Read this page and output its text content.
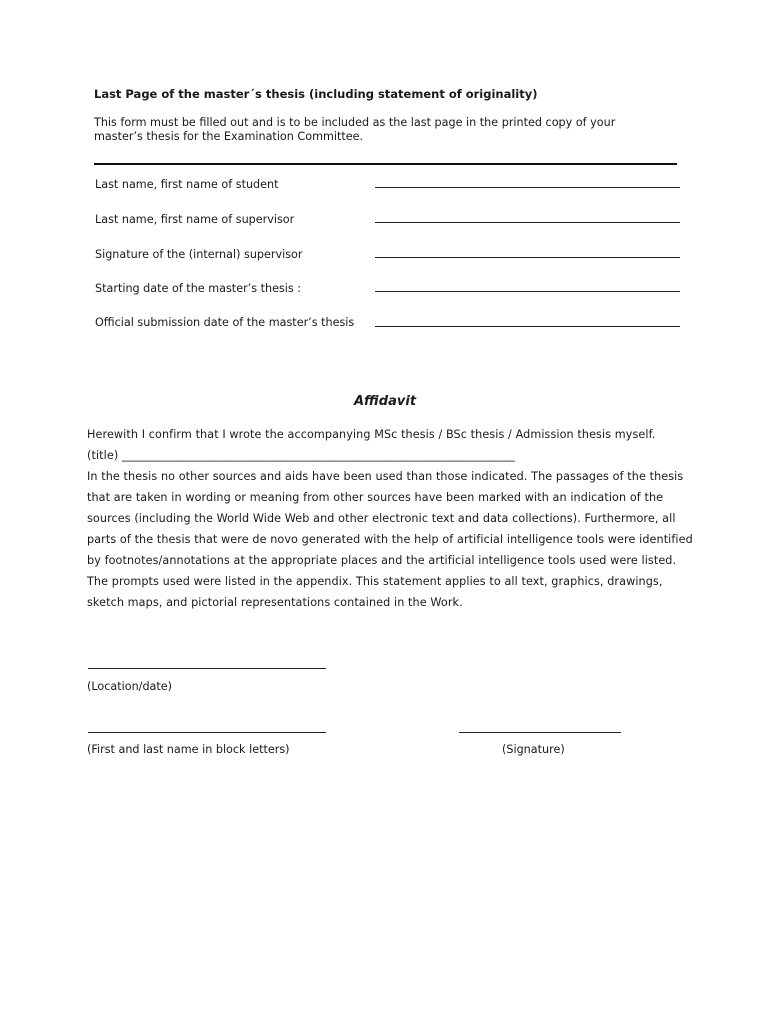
Last Page of the master´s thesis (including statement of originality)
This form must be filled out and is to be included as the last page in the printed copy of your
master’s thesis for the Examination Committee.
Last name, first name of student
Last name, first name of supervisor
Signature of the (internal) supervisor
Starting date of the master’s thesis :
Official submission date of the master’s thesis
Affidavit
Herewith I confirm that I wrote the accompanying MSc thesis / BSc thesis / Admission thesis myself.
(title) _____________________________________________________________________
In the thesis no other sources and aids have been used than those indicated. The passages of the thesis
that are taken in wording or meaning from other sources have been marked with an indication of the
sources (including the World Wide Web and other electronic text and data collections). Furthermore, all
parts of the thesis that were de novo generated with the help of artificial intelligence tools were identified
by footnotes/annotations at the appropriate places and the artificial intelligence tools used were listed.
The prompts used were listed in the appendix. This statement applies to all text, graphics, drawings,
sketch maps, and pictorial representations contained in the Work.
(Location/date)
(First and last name in block letters)	(Signature)
